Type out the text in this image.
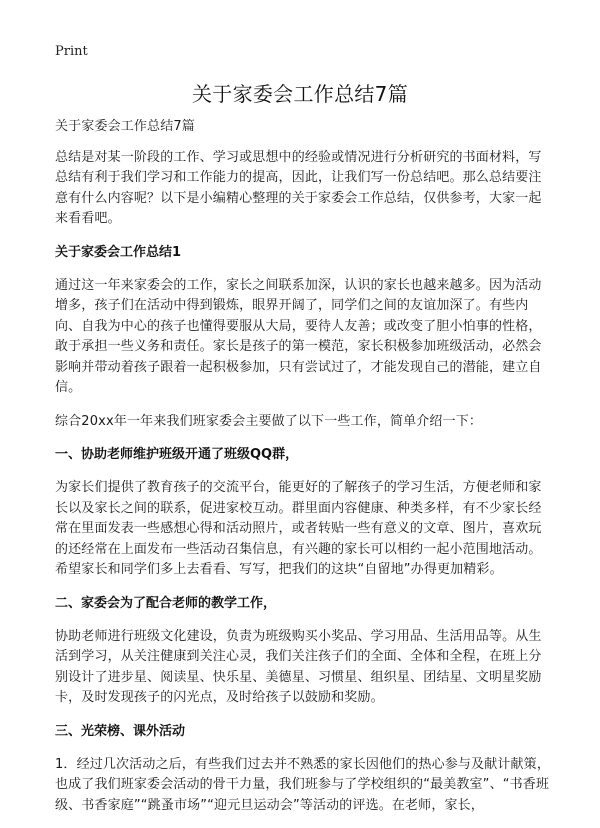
Print
关于家委会工作总结7篇

关于家委会工作总结7篇

总结是对某一阶段的工作、学习或思想中的经验或情况进行分析研究的书面材料，写总结有利于我们学习和工作能力的提高，因此，让我们写一份总结吧。那么总结要注意有什么内容呢？以下是小编精心整理的关于家委会工作总结，仅供参考，大家一起来看看吧。

关于家委会工作总结1

通过这一年来家委会的工作，家长之间联系加深，认识的家长也越来越多。因为活动增多，孩子们在活动中得到锻炼，眼界开阔了，同学们之间的友谊加深了。有些内向、自我为中心的孩子也懂得要服从大局，要待人友善；或改变了胆小怕事的性格，敢于承担一些义务和责任。家长是孩子的第一模范，家长积极参加班级活动，必然会影响并带动着孩子跟着一起积极参加，只有尝试过了，才能发现自己的潜能，建立自信。

综合20xx年一年来我们班家委会主要做了以下一些工作，简单介绍一下：

一、协助老师维护班级开通了班级QQ群，

为家长们提供了教育孩子的交流平台，能更好的了解孩子的学习生活，方便老师和家长以及家长之间的联系，促进家校互动。群里面内容健康、种类多样，有不少家长经常在里面发表一些感想心得和活动照片，或者转贴一些有意义的文章、图片，喜欢玩的还经常在上面发布一些活动召集信息，有兴趣的家长可以相约一起小范围地活动。希望家长和同学们多上去看看、写写，把我们的这块“自留地”办得更加精彩。

二、家委会为了配合老师的教学工作，

协助老师进行班级文化建设，负责为班级购买小奖品、学习用品、生活用品等。从生活到学习，从关注健康到关注心灵，我们关注孩子们的全面、全体和全程，在班上分别设计了进步星、阅读星、快乐星、美德星、习惯星、组织星、团结星、文明星奖励卡，及时发现孩子的闪光点，及时给孩子以鼓励和奖励。

三、光荣榜、课外活动

1．经过几次活动之后，有些我们过去并不熟悉的家长因他们的热心参与及献计献策，也成了我们班家委会活动的骨干力量，我们班参与了学校组织的“最美教室”、“书香班级、书香家庭”“跳蚤市场”“迎元旦运动会”等活动的评选。在老师，家长，
